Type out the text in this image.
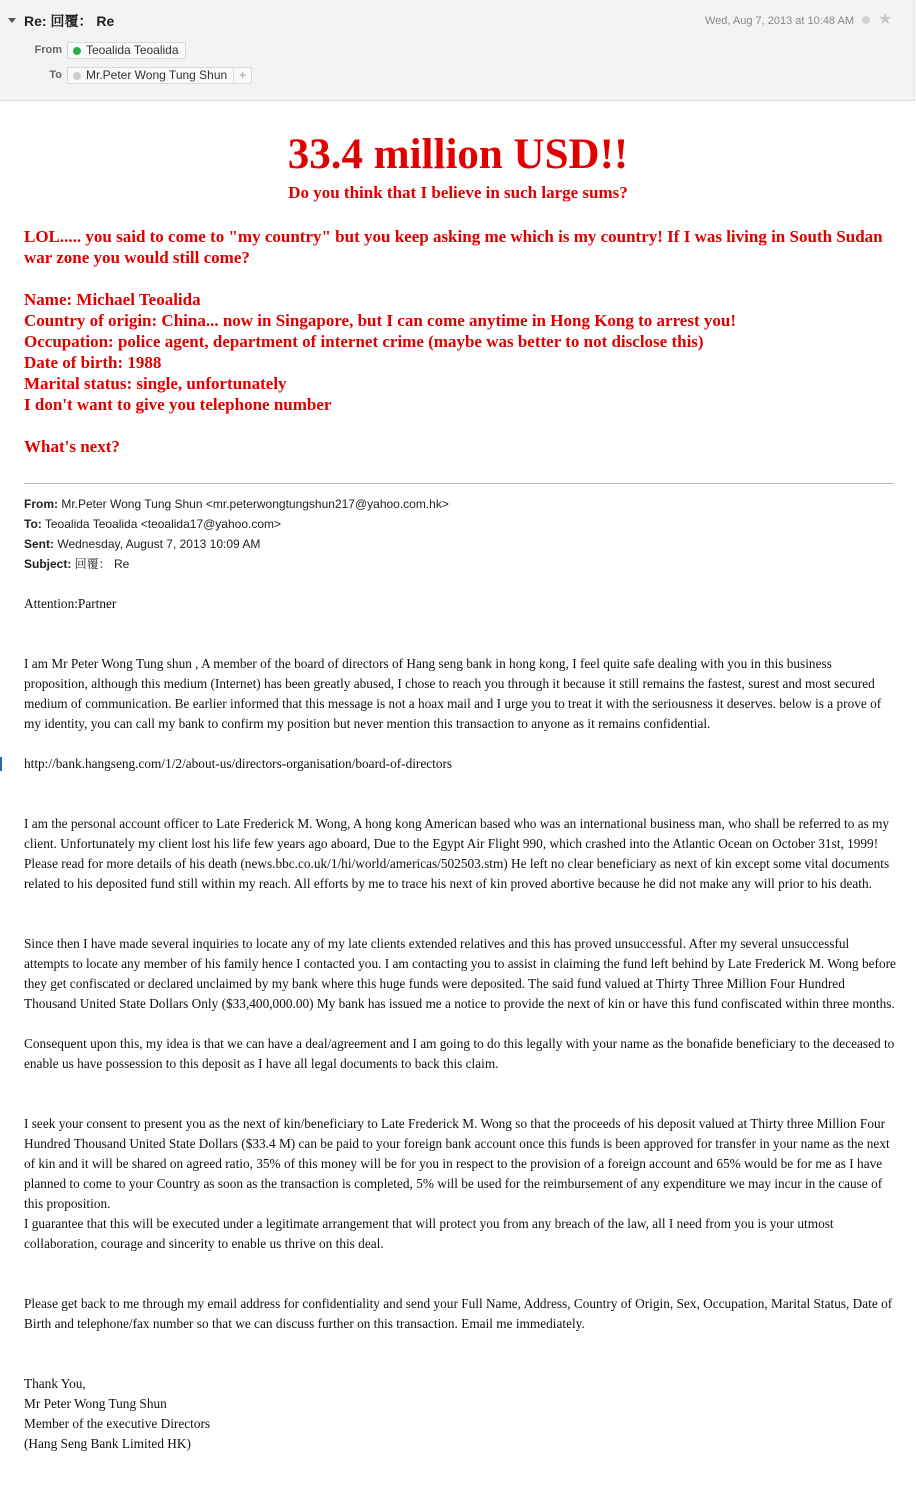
Re: 回覆： Re	Wed, Aug 7, 2013 at 10:48 AM ★
From	Teoalida Teoalida
To	Mr.Peter Wong Tung Shun +
33.4 million USD!!
Do you think that I believe in such large sums?
LOL..... you said to come to "my country" but you keep asking me which is my country! If I was living in South Sudan
war zone you would still come?
Name: Michael Teoalida
Country of origin: China... now in Singapore, but I can come anytime in Hong Kong to arrest you!
Occupation: police agent, department of internet crime (maybe was better to not disclose this)
Date of birth: 1988
Marital status: single, unfortunately
I don't want to give you telephone number
What's next?
From: Mr.Peter Wong Tung Shun <mr.peterwongtungshun217@yahoo.com.hk>
To: Teoalida Teoalida <teoalida17@yahoo.com>
Sent: Wednesday, August 7, 2013 10:09 AM
Subject: 回覆： Re
Attention:Partner
I am Mr Peter Wong Tung shun , A member of the board of directors of Hang seng bank in hong kong, I feel quite safe dealing with you in this business proposition, although this medium (Internet) has been greatly abused, I chose to reach you through it because it still remains the fastest, surest and most secured medium of communication. Be earlier informed that this message is not a hoax mail and I urge you to treat it with the seriousness it deserves. below is a prove of my identity, you can call my bank to confirm my position but never mention this transaction to anyone as it remains confidential.
http://bank.hangseng.com/1/2/about-us/directors-organisation/board-of-directors
I am the personal account officer to Late Frederick M. Wong, A hong kong American based who was an international business man, who shall be referred to as my client. Unfortunately my client lost his life few years ago aboard, Due to the Egypt Air Flight 990, which crashed into the Atlantic Ocean on October 31st, 1999! Please read for more details of his death (news.bbc.co.uk/1/hi/world/americas/502503.stm) He left no clear beneficiary as next of kin except some vital documents related to his deposited fund still within my reach. All efforts by me to trace his next of kin proved abortive because he did not make any will prior to his death.
Since then I have made several inquiries to locate any of my late clients extended relatives and this has proved unsuccessful. After my several unsuccessful attempts to locate any member of his family hence I contacted you. I am contacting you to assist in claiming the fund left behind by Late Frederick M. Wong before they get confiscated or declared unclaimed by my bank where this huge funds were deposited. The said fund valued at Thirty Three Million Four Hundred Thousand United State Dollars Only ($33,400,000.00) My bank has issued me a notice to provide the next of kin or have this fund confiscated within three months.
Consequent upon this, my idea is that we can have a deal/agreement and I am going to do this legally with your name as the bonafide beneficiary to the deceased to enable us have possession to this deposit as I have all legal documents to back this claim.
I seek your consent to present you as the next of kin/beneficiary to Late Frederick M. Wong so that the proceeds of his deposit valued at Thirty three Million Four Hundred Thousand United State Dollars ($33.4 M) can be paid to your foreign bank account once this funds is been approved for transfer in your name as the next of kin and it will be shared on agreed ratio, 35% of this money will be for you in respect to the provision of a foreign account and 65% would be for me as I have planned to come to your Country as soon as the transaction is completed, 5% will be used for the reimbursement of any expenditure we may incur in the cause of this proposition.
I guarantee that this will be executed under a legitimate arrangement that will protect you from any breach of the law, all I need from you is your utmost collaboration, courage and sincerity to enable us thrive on this deal.
Please get back to me through my email address for confidentiality and send your Full Name, Address, Country of Origin, Sex, Occupation, Marital Status, Date of Birth and telephone/fax number so that we can discuss further on this transaction. Email me immediately.
Thank You,
Mr Peter Wong Tung Shun
Member of the executive Directors
(Hang Seng Bank Limited HK)
